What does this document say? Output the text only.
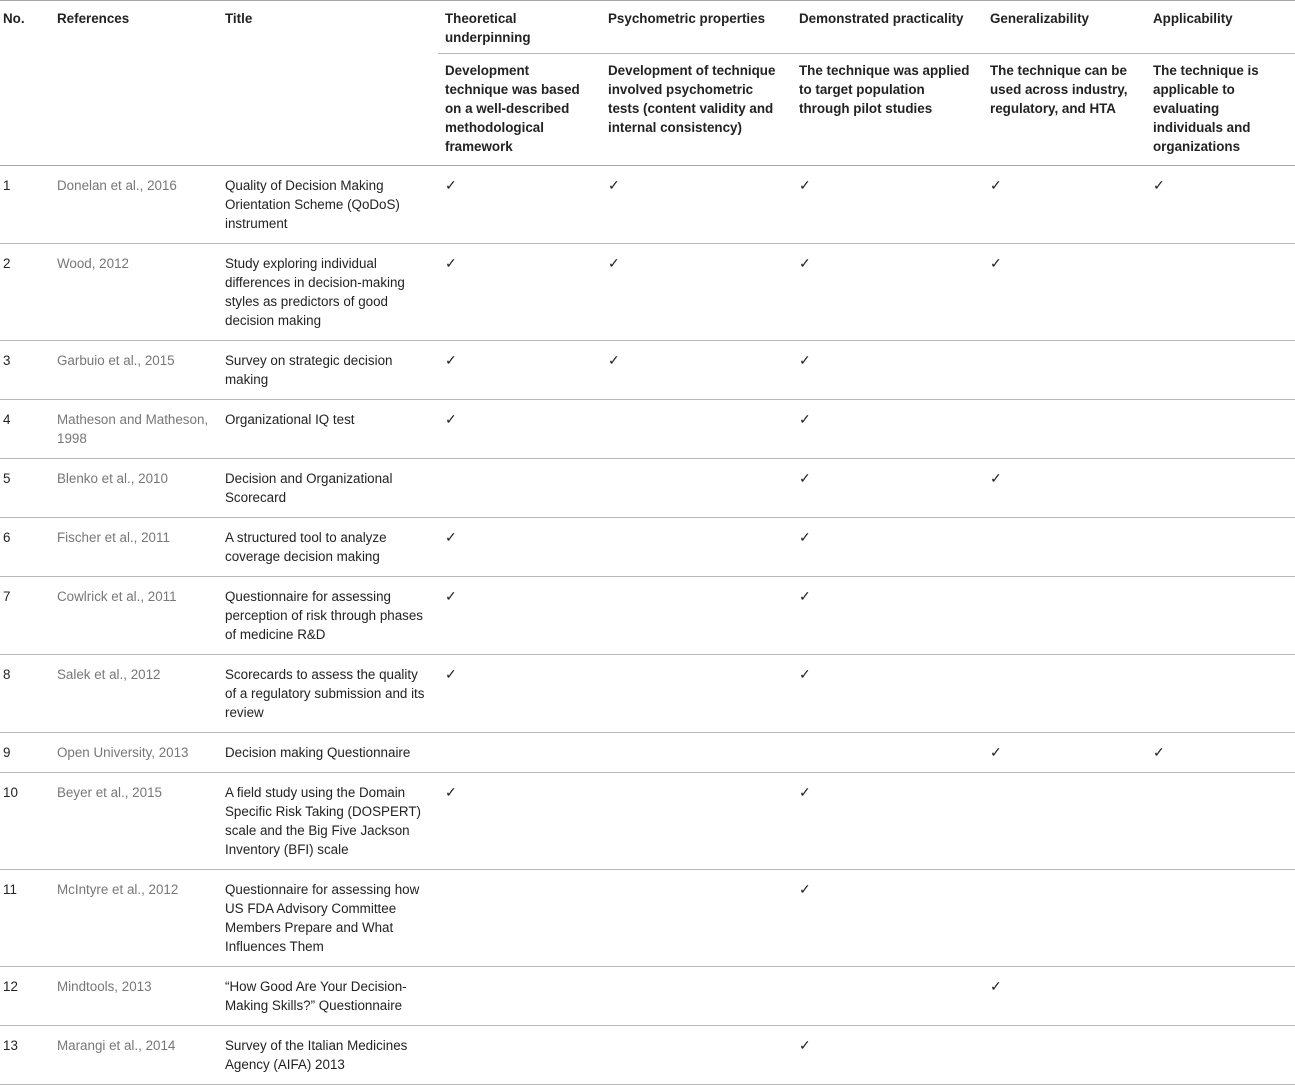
No.	References	Title	Theoretical underpinning	Psychometric properties	Demonstrated practicality	Generalizability	Applicability
			Development technique was based on a well-described methodological framework	Development of technique involved psychometric tests (content validity and internal consistency)	The technique was applied to target population through pilot studies	The technique can be used across industry, regulatory, and HTA	The technique is applicable to evaluating individuals and organizations
1	Donelan et al., 2016	Quality of Decision Making Orientation Scheme (QoDoS) instrument	✓	✓	✓	✓	✓
2	Wood, 2012	Study exploring individual differences in decision-making styles as predictors of good decision making	✓	✓	✓	✓	
3	Garbuio et al., 2015	Survey on strategic decision making	✓	✓	✓		
4	Matheson and Matheson, 1998	Organizational IQ test	✓		✓		
5	Blenko et al., 2010	Decision and Organizational Scorecard			✓	✓	
6	Fischer et al., 2011	A structured tool to analyze coverage decision making	✓		✓		
7	Cowlrick et al., 2011	Questionnaire for assessing perception of risk through phases of medicine R&D	✓		✓		
8	Salek et al., 2012	Scorecards to assess the quality of a regulatory submission and its review	✓		✓		
9	Open University, 2013	Decision making Questionnaire				✓	✓
10	Beyer et al., 2015	A field study using the Domain Specific Risk Taking (DOSPERT) scale and the Big Five Jackson Inventory (BFI) scale	✓		✓		
11	McIntyre et al., 2012	Questionnaire for assessing how US FDA Advisory Committee Members Prepare and What Influences Them			✓		
12	Mindtools, 2013	“How Good Are Your Decision-Making Skills?” Questionnaire				✓	
13	Marangi et al., 2014	Survey of the Italian Medicines Agency (AIFA) 2013			✓		
